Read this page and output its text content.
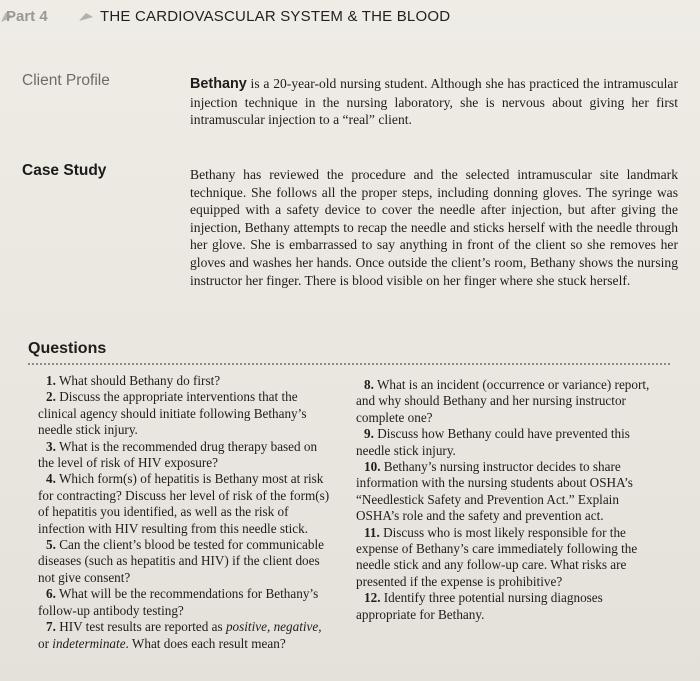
Part 4	THE CARDIOVASCULAR SYSTEM & THE BLOOD
Client Profile	Bethany is a 20-year-old nursing student. Although she has practiced the intramuscular injection technique in the nursing laboratory, she is nervous about giving her first intramuscular injection to a “real” client.
Case Study	Bethany has reviewed the procedure and the selected intramuscular site landmark technique. She follows all the proper steps, including donning gloves. The syringe was equipped with a safety device to cover the needle after injection, but after giving the injection, Bethany attempts to recap the needle and sticks herself with the needle through her glove. She is embarrassed to say anything in front of the client so she removes her gloves and washes her hands. Once outside the client’s room, Bethany shows the nursing instructor her finger. There is blood visible on her finger where she stuck herself.
Questions

1. What should Bethany do first?

2. Discuss the appropriate interventions that the clinical agency should initiate following Bethany’s needle stick injury.

3. What is the recommended drug therapy based on the level of risk of HIV exposure?

4. Which form(s) of hepatitis is Bethany most at risk for contracting? Discuss her level of risk of the form(s) of hepatitis you identified, as well as the risk of infection with HIV resulting from this needle stick.

5. Can the client’s blood be tested for communicable diseases (such as hepatitis and HIV) if the client does not give consent?

6. What will be the recommendations for Bethany’s follow-up antibody testing?

7. HIV test results are reported as positive, negative, or indeterminate. What does each result mean?

8. What is an incident (occurrence or variance) report, and why should Bethany and her nursing instructor complete one?

9. Discuss how Bethany could have prevented this needle stick injury.

10. Bethany’s nursing instructor decides to share information with the nursing students about OSHA’s “Needlestick Safety and Prevention Act.” Explain OSHA’s role and the safety and prevention act.

11. Discuss who is most likely responsible for the expense of Bethany’s care immediately following the needle stick and any follow-up care. What risks are presented if the expense is prohibitive?

12. Identify three potential nursing diagnoses appropriate for Bethany.
